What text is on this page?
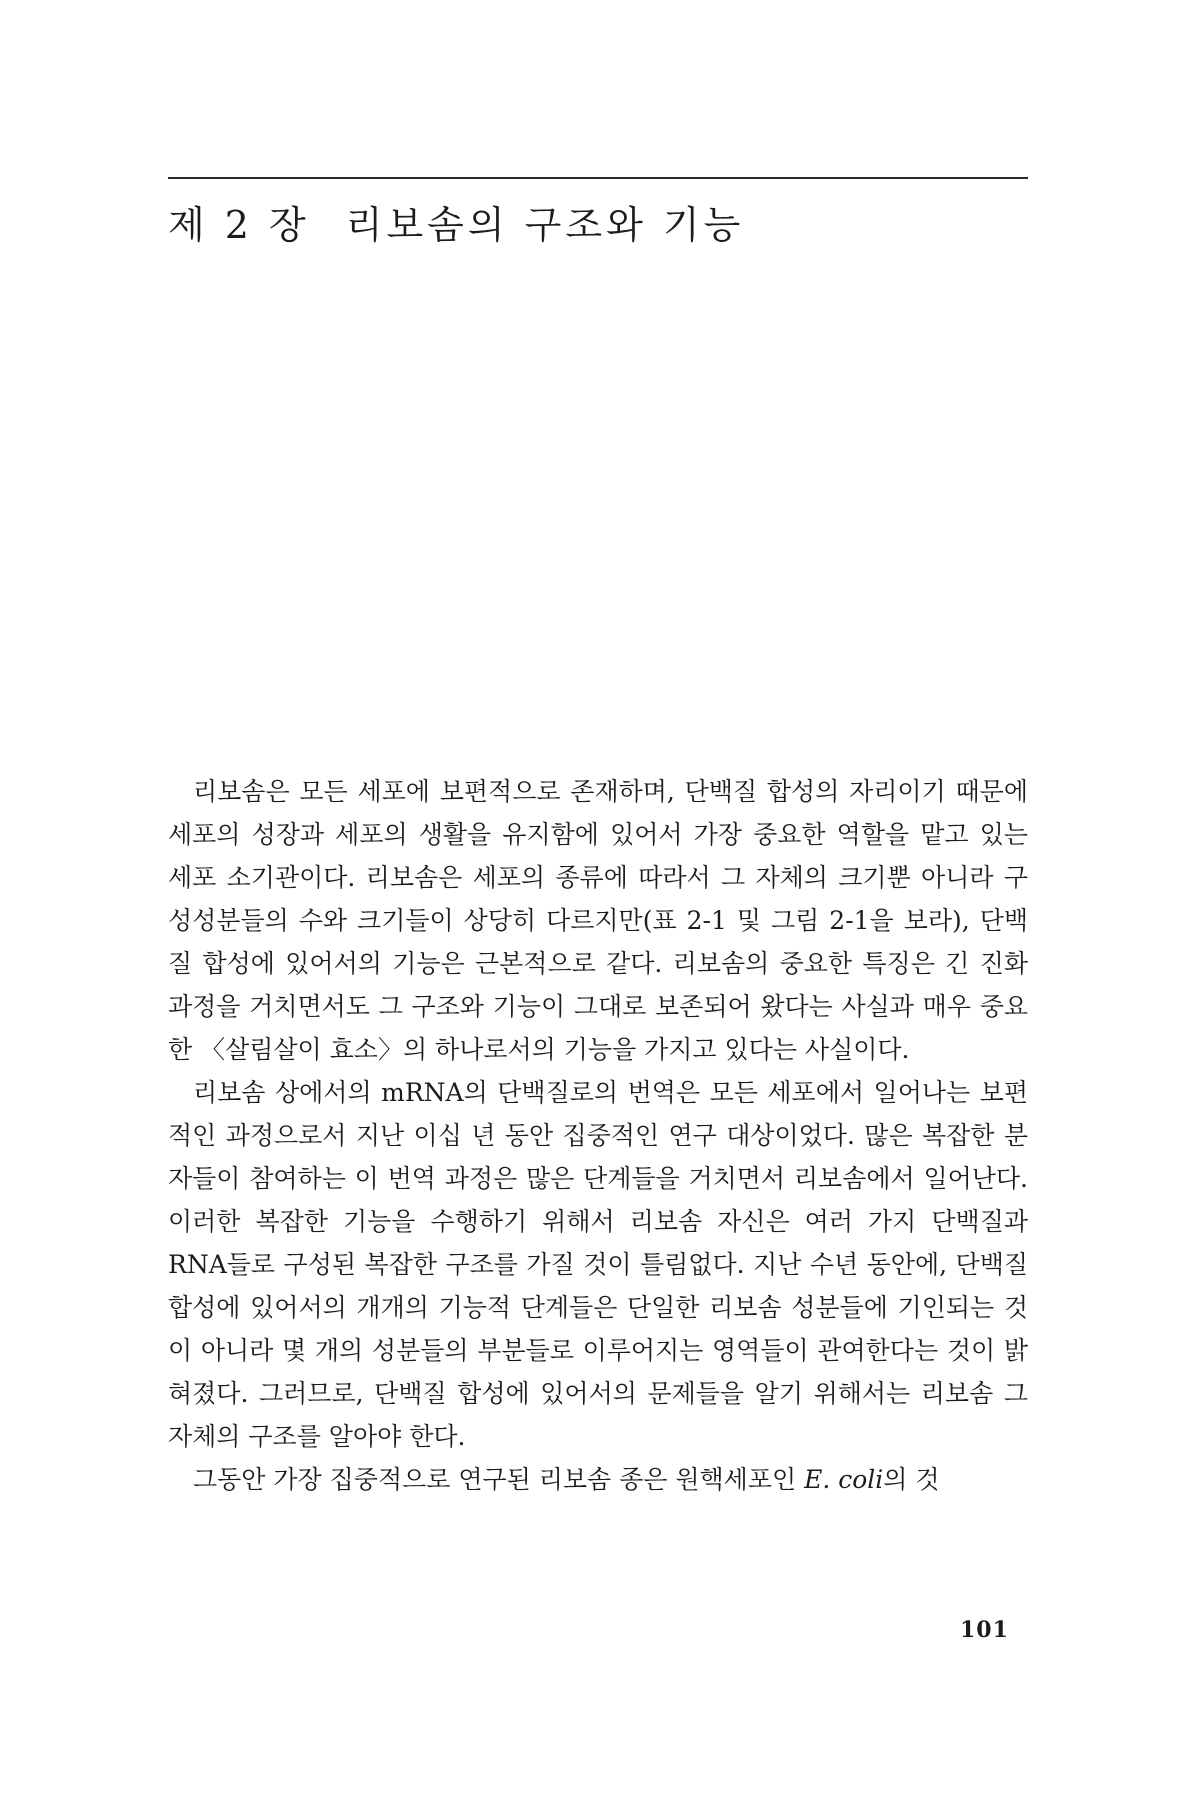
제 2 장 리보솜의 구조와 기능

리보솜은 모든 세포에 보편적으로 존재하며, 단백질 합성의 자리이기 때문에 세포의 성장과 세포의 생활을 유지함에 있어서 가장 중요한 역할을 맡고 있는 세포 소기관이다. 리보솜은 세포의 종류에 따라서 그 자체의 크기뿐 아니라 구성성분들의 수와 크기들이 상당히 다르지만(표 2-1 및 그림 2-1을 보라), 단백질 합성에 있어서의 기능은 근본적으로 같다. 리보솜의 중요한 특징은 긴 진화과정을 거치면서도 그 구조와 기능이 그대로 보존되어 왔다는 사실과 매우 중요한 〈살림살이 효소〉의 하나로서의 기능을 가지고 있다는 사실이다.

리보솜 상에서의 mRNA의 단백질로의 번역은 모든 세포에서 일어나는 보편적인 과정으로서 지난 이십 년 동안 집중적인 연구 대상이었다. 많은 복잡한 분자들이 참여하는 이 번역 과정은 많은 단계들을 거치면서 리보솜에서 일어난다. 이러한 복잡한 기능을 수행하기 위해서 리보솜 자신은 여러 가지 단백질과 RNA들로 구성된 복잡한 구조를 가질 것이 틀림없다. 지난 수년 동안에, 단백질 합성에 있어서의 개개의 기능적 단계들은 단일한 리보솜 성분들에 기인되는 것이 아니라 몇 개의 성분들의 부분들로 이루어지는 영역들이 관여한다는 것이 밝혀졌다. 그러므로, 단백질 합성에 있어서의 문제들을 알기 위해서는 리보솜 그 자체의 구조를 알아야 한다.

그동안 가장 집중적으로 연구된 리보솜 종은 원핵세포인 E. coli의 것

101
